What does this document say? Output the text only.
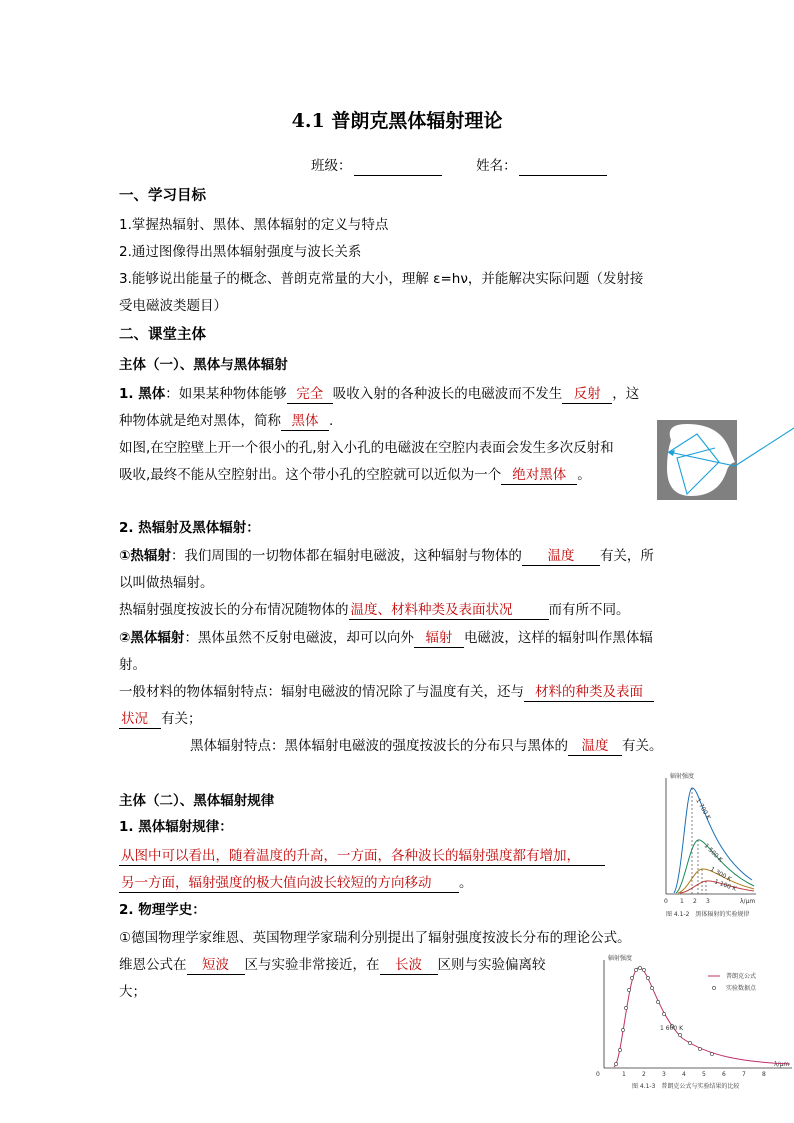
4.1 普朗克黑体辐射理论
班级：	姓名：
一、学习目标
1.掌握热辐射、黑体、黑体辐射的定义与特点
2.通过图像得出黑体辐射强度与波长关系
3.能够说出能量子的概念、普朗克常量的大小，理解 ε=hν，并能解决实际问题（发射接
受电磁波类题目）
二、课堂主体
主体（一）、黑体与黑体辐射
1. 黑体：如果某种物体能够 完全 吸收入射的各种波长的电磁波而不发生 反射 ，这
种物体就是绝对黑体，简称 黑体 .
如图,在空腔壁上开一个很小的孔,射入小孔的电磁波在空腔内表面会发生多次反射和
吸收,最终不能从空腔射出。这个带小孔的空腔就可以近似为一个 绝对黑体 。
2. 热辐射及黑体辐射：
①热辐射：我们周围的一切物体都在辐射电磁波，这种辐射与物体的 温度 有关，所
以叫做热辐射。
热辐射强度按波长的分布情况随物体的 温度、材料种类及表面状况	而有所不同。
②黑体辐射：黑体虽然不反射电磁波，却可以向外 辐射 电磁波，这样的辐射叫作黑体辐
射。
一般材料的物体辐射特点：辐射电磁波的情况除了与温度有关，还与 材料的种类及表面
状况 有关；
黑体辐射特点：黑体辐射电磁波的强度按波长的分布只与黑体的 温度 有关。
主体（二）、黑体辐射规律
1. 黑体辐射规律：
从图中可以看出，随着温度的升高，一方面，各种波长的辐射强度都有增加，
另一方面，辐射强度的极大值向波长较短的方向移动 。
2. 物理学史：
①德国物理学家维恩、英国物理学家瑞利分别提出了辐射强度按波长分布的理论公式。
维恩公式在 短波 区与实验非常接近，在 长波 区则与实验偏离较
大；
辐射强度
λ/μm
0 1 2 3
1 700 K
1 500 K
1 300 K
1 100 K
图 4.1-2　黑体辐射的实验规律
辐射强度
λ/μm
0	1	2	3	4	5	6	7	8
普朗克公式
实验数据点
1 600 K
图 4.1-3　普朗克公式与实验结果的比较
